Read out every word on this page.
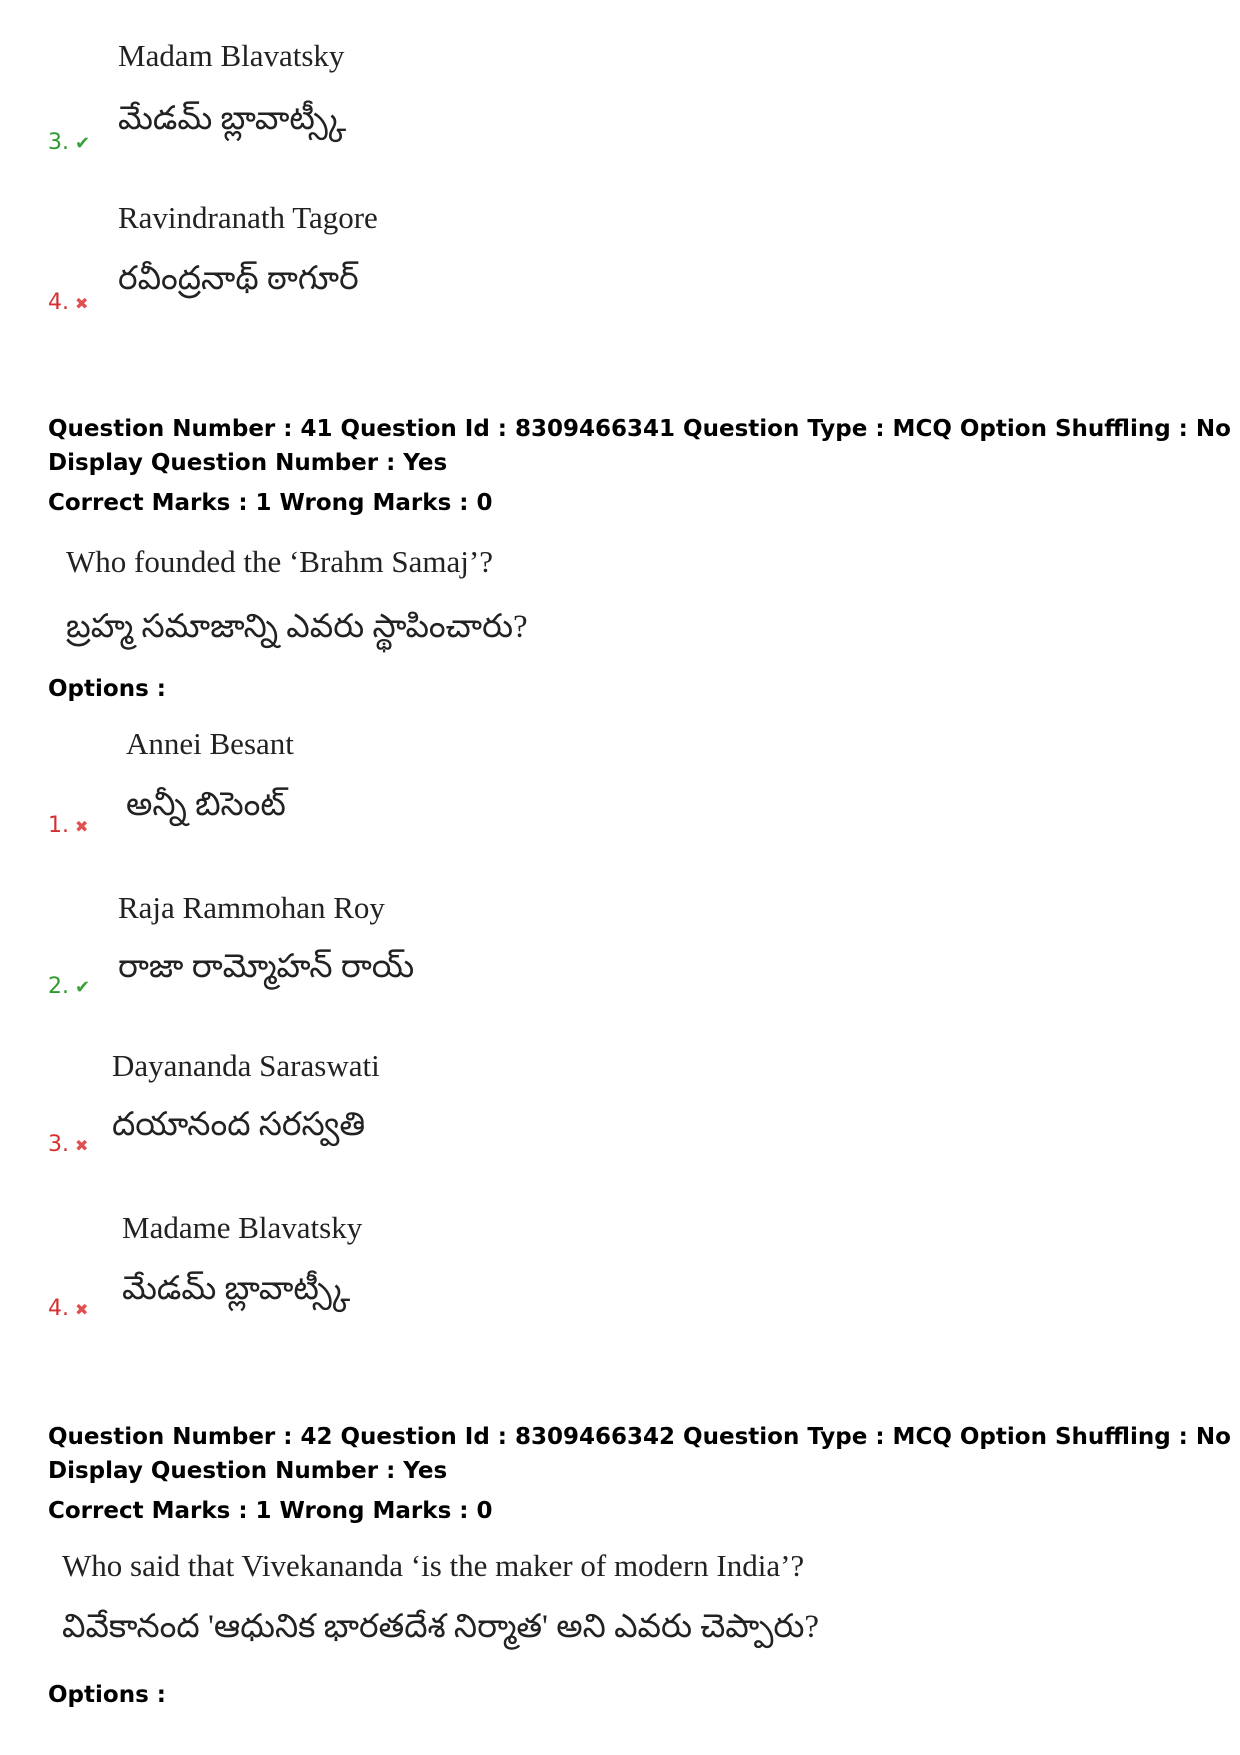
Madam Blavatsky
మేడమ్ బ్లావాట్స్కీ
3. ✔
Ravindranath Tagore
రవీంద్రనాథ్ ఠాగూర్
4. ✖
Question Number : 41 Question Id : 8309466341 Question Type : MCQ Option Shuffling : No
Display Question Number : Yes
Correct Marks : 1 Wrong Marks : 0
Who founded the ‘Brahm Samaj’?
బ్రహ్మ సమాజాన్ని ఎవరు స్థాపించారు?
Options :
Annei Besant
అన్నీ బిసెంట్
1. ✖
Raja Rammohan Roy
రాజా రామ్మోహన్ రాయ్
2. ✔
Dayananda Saraswati
దయానంద సరస్వతి
3. ✖
Madame Blavatsky
మేడమ్ బ్లావాట్స్కీ
4. ✖
Question Number : 42 Question Id : 8309466342 Question Type : MCQ Option Shuffling : No
Display Question Number : Yes
Correct Marks : 1 Wrong Marks : 0
Who said that Vivekananda ‘is the maker of modern India’?
వివేకానంద 'ఆధునిక భారతదేశ నిర్మాత' అని ఎవరు చెప్పారు?
Options :
